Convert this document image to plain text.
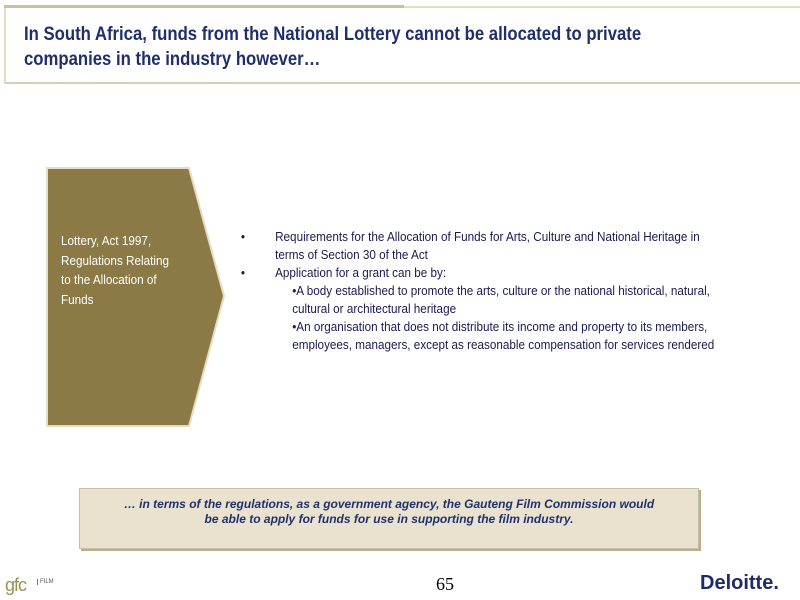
In South Africa, funds from the National Lottery cannot be allocated to private
companies in the industry however…
Lottery, Act 1997,
Regulations Relating
to the Allocation of
Funds
• Requirements for the Allocation of Funds for Arts, Culture and National Heritage in
terms of Section 30 of the Act
• Application for a grant can be by:
•A body established to promote the arts, culture or the national historical, natural,
cultural or architectural heritage
•An organisation that does not distribute its income and property to its members,
employees, managers, except as reasonable compensation for services rendered
… in terms of the regulations, as a government agency, the Gauteng Film Commission would
be able to apply for funds for use in supporting the film industry.
gfc	FILM	65	Deloitte.
